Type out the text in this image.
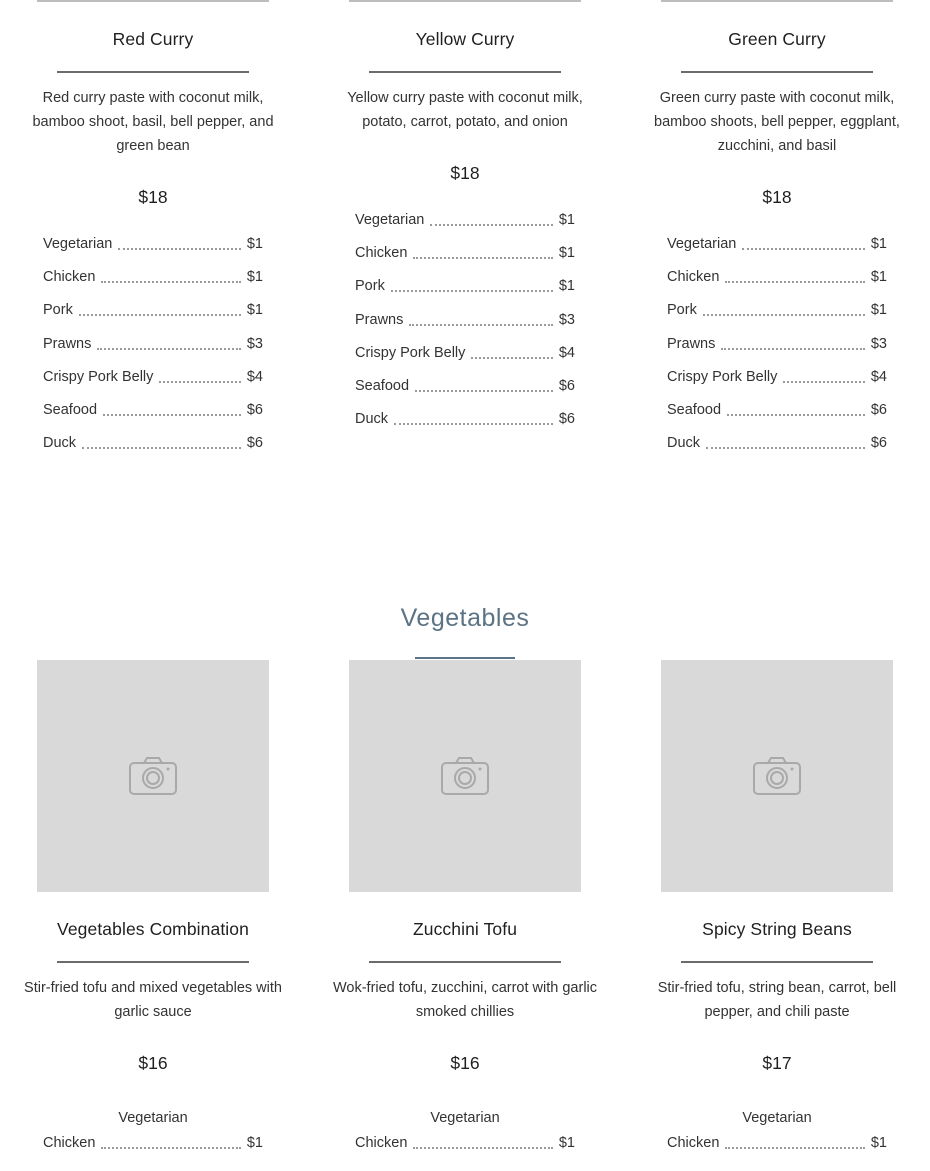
Red Curry
Red curry paste with coconut milk, bamboo shoot, basil, bell pepper, and green bean
$18
Vegetarian	$1
Chicken	$1
Pork	$1
Prawns	$3
Crispy Pork Belly	$4
Seafood	$6
Duck	$6
Yellow Curry
Yellow curry paste with coconut milk, potato, carrot, potato, and onion
$18
Vegetarian	$1
Chicken	$1
Pork	$1
Prawns	$3
Crispy Pork Belly	$4
Seafood	$6
Duck	$6
Green Curry
Green curry paste with coconut milk, bamboo shoots, bell pepper, eggplant, zucchini, and basil
$18
Vegetarian	$1
Chicken	$1
Pork	$1
Prawns	$3
Crispy Pork Belly	$4
Seafood	$6
Duck	$6
Vegetables
Vegetables Combination
Stir-fried tofu and mixed vegetables with garlic sauce
$16
Vegetarian
Chicken	$1
Zucchini Tofu
Wok-fried tofu, zucchini, carrot with garlic smoked chillies
$16
Vegetarian
Chicken	$1
Spicy String Beans
Stir-fried tofu, string bean, carrot, bell pepper, and chili paste
$17
Vegetarian
Chicken	$1
